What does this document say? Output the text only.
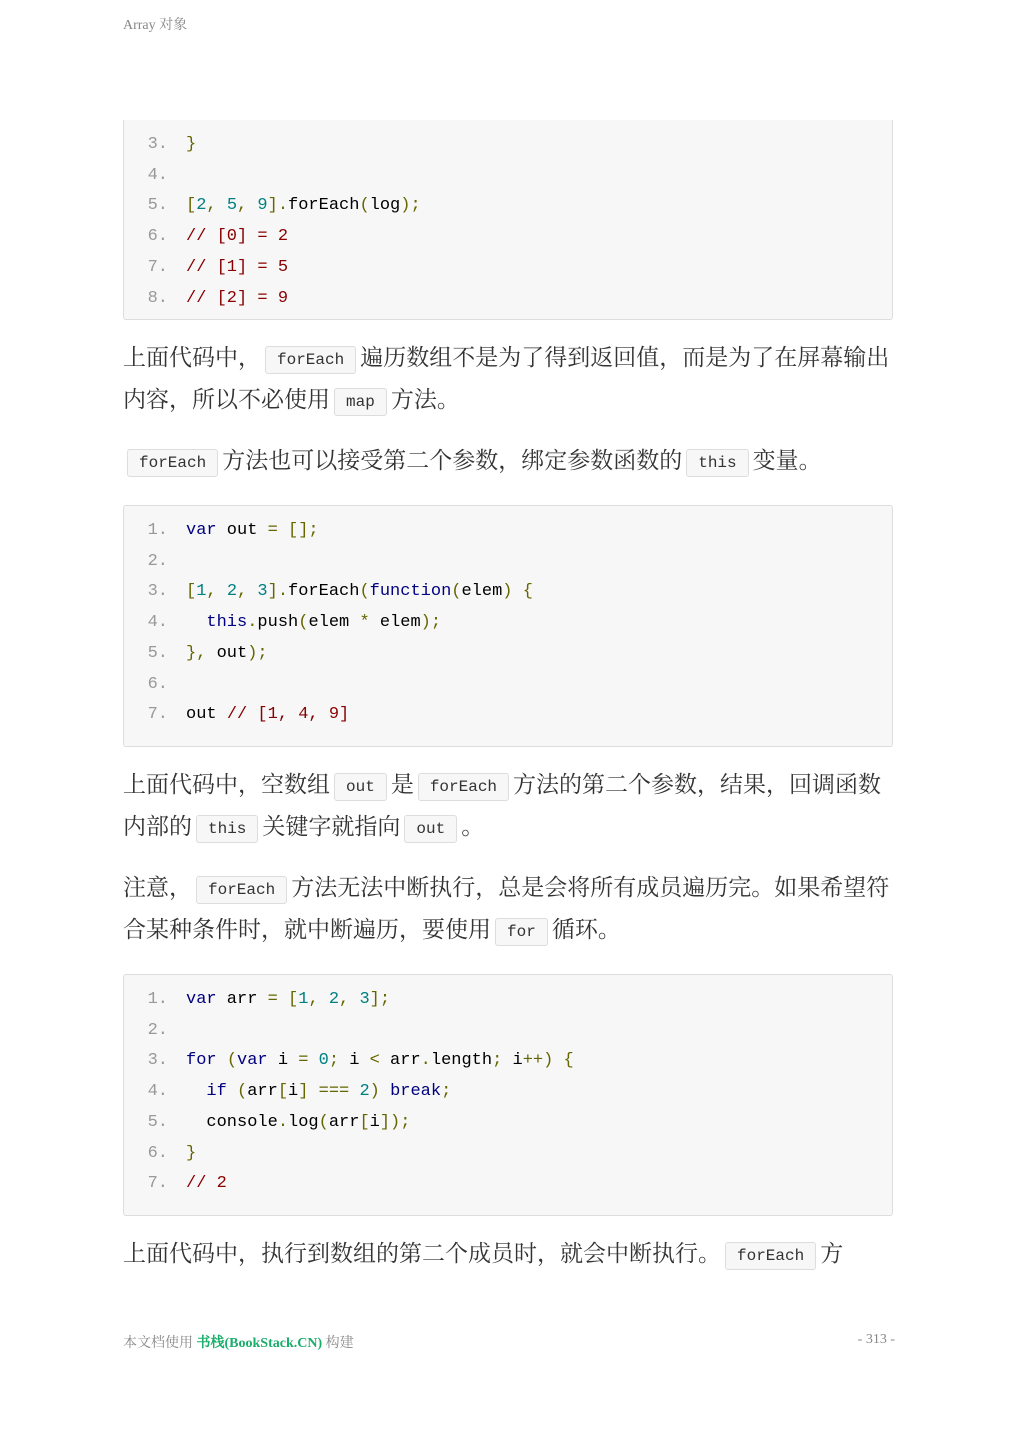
Array 对象
3. }
4.
5. [2, 5, 9].forEach(log);
6. // [0] = 2
7. // [1] = 5
8. // [2] = 9

上面代码中， forEach 遍历数组不是为了得到返回值，而是为了在屏幕输出内容，所以不必使用 map 方法。

forEach 方法也可以接受第二个参数，绑定参数函数的 this 变量。

1. var out = [];
2.
3. [1, 2, 3].forEach(function(elem) {
4. this.push(elem * elem);
5. }, out);
6.
7. out // [1, 4, 9]

上面代码中，空数组 out 是 forEach 方法的第二个参数，结果，回调函数内部的 this 关键字就指向 out 。

注意， forEach 方法无法中断执行，总是会将所有成员遍历完。如果希望符合某种条件时，就中断遍历，要使用 for 循环。

1. var arr = [1, 2, 3];
2.
3. for (var i = 0; i < arr.length; i++) {
4. if (arr[i] === 2) break;
5.  console.log(arr[i]);
6. }
7. // 2

上面代码中，执行到数组的第二个成员时，就会中断执行。 forEach 方

本文档使用 书栈(BookStack.CN) 构建	- 313 -
